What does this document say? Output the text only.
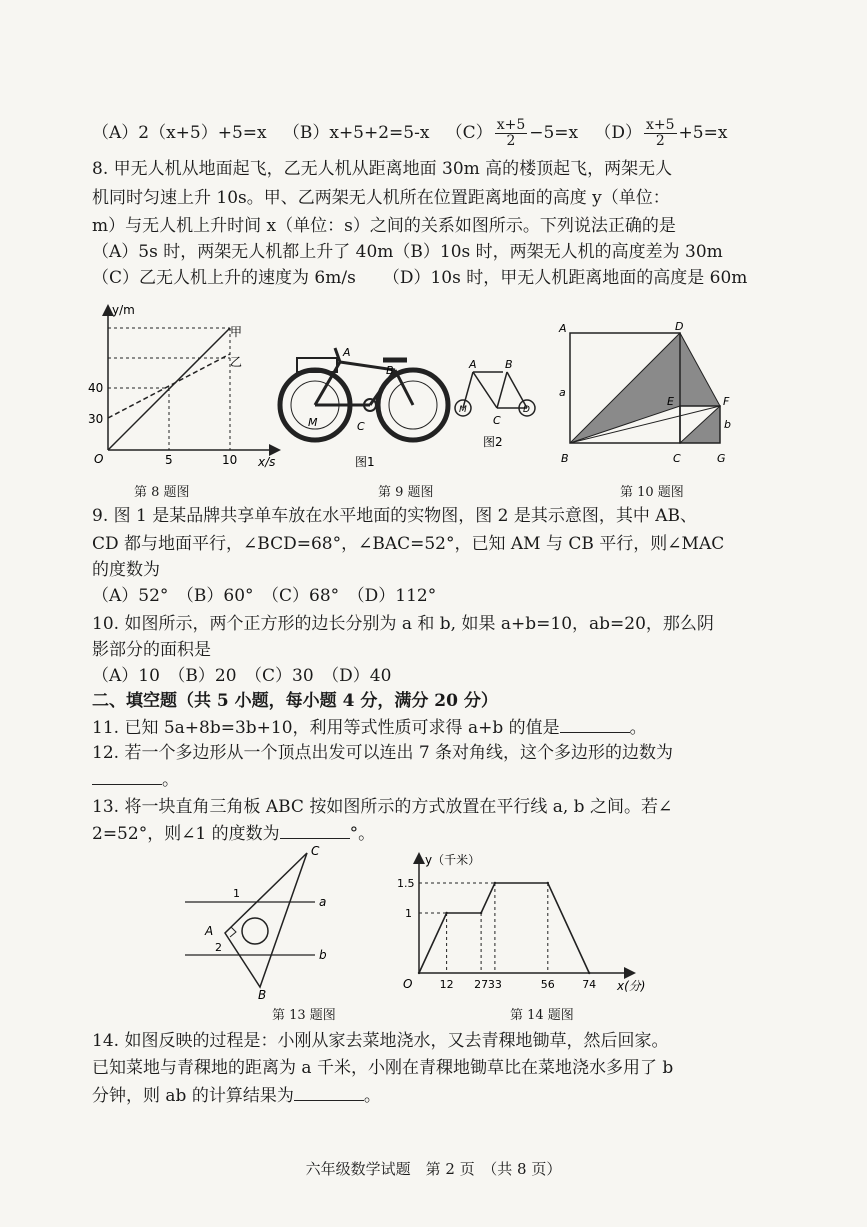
（A）2（x+5）+5=x （B）x+5+2=5-x $(C) \frac{x+5}{2} -5=x$ $(D) \frac{x+5}{2} +5=x$
8. 甲无人机从地面起飞，乙无人机从距离地面 30m 高的楼顶起飞，两架无人
机同时匀速上升 10s。甲、乙两架无人机所在位置距离地面的高度 y（单位：
m）与无人机上升时间 x（单位：s）之间的关系如图所示。下列说法正确的是
（A）5s 时，两架无人机都上升了 40m（B）10s 时，两架无人机的高度差为 30m
（C）乙无人机上升的速度为 6m/s （D）10s 时，甲无人机距离地面的高度是 60m
y/m
x/s
O
40
30
5	10
甲
乙
第 8 题图
A
B
C
M
图1
A	B
C
D
M
图2
第 9 题图
A	D
B	C	G
E	F
a
b
第 10 题图
9. 图 1 是某品牌共享单车放在水平地面的实物图，图 2 是其示意图，其中 AB、
CD 都与地面平行，∠BCD=68°，∠BAC=52°，已知 AM 与 CB 平行，则∠MAC
的度数为
（A）52°　（B）60°　（C）68°　（D）112°
10. 如图所示，两个正方形的边长分别为 a 和 b, 如果 a+b=10，ab=20，那么阴
影部分的面积是
（A）10　（B）20　（C）30　（D）40
二、填空题（共 5 小题，每小题 4 分，满分 20 分）
11. 已知 5a+8b=3b+10，利用等式性质可求得 a+b 的值是	。
12. 若一个多边形从一个顶点出发可以连出 7 条对角线，这个多边形的边数为
。
13. 将一块直角三角板 ABC 按如图所示的方式放置在平行线 a, b 之间。若∠
2=52°，则∠1 的度数为	°。
C
A
B
1
2
a
b
第 13 题图
y（千米）
x(分)
O 12 27 33	56 74
1.5
1
第 14 题图
14. 如图反映的过程是：小刚从家去菜地浇水，又去青稞地锄草，然后回家。
已知菜地与青稞地的距离为 a 千米，小刚在青稞地锄草比在菜地浇水多用了 b
分钟，则 ab 的计算结果为	。
六年级数学试题　第 2 页　（共 8 页）
